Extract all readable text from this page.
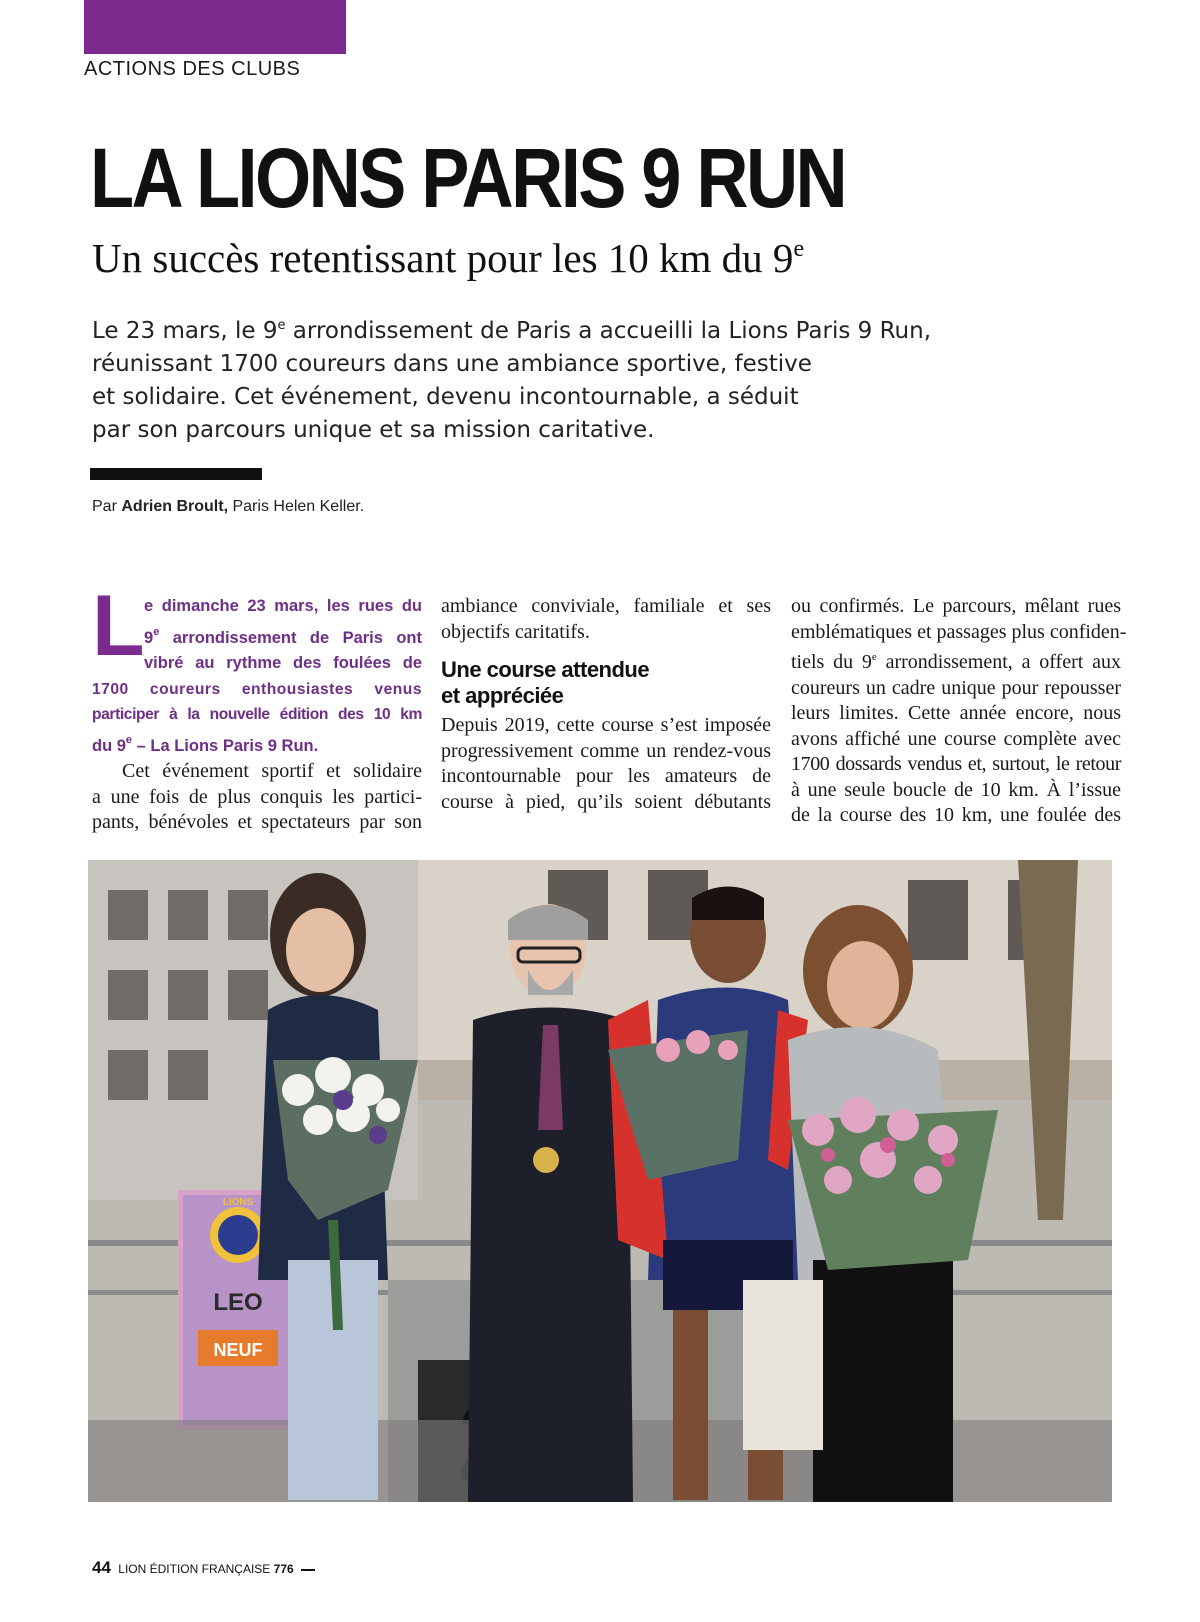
ACTIONS DES CLUBS
LA LIONS PARIS 9 RUN
Un succès retentissant pour les 10 km du 9e
Le 23 mars, le 9e arrondissement de Paris a accueilli la Lions Paris 9 Run,
réunissant 1700 coureurs dans une ambiance sportive, festive
et solidaire. Cet événement, devenu incontournable, a séduit
par son parcours unique et sa mission caritative.
Par Adrien Broult, Paris Helen Keller.
L e dimanche 23 mars, les rues du
9e arrondissement de Paris ont
vibré au rythme des foulées de
1700 coureurs enthousiastes venus
participer à la nouvelle édition des 10 km
du 9e – La Lions Paris 9 Run.
Cet événement sportif et solidaire
a une fois de plus conquis les partici-
pants, bénévoles et spectateurs par son
ambiance conviviale, familiale et ses
objectifs caritatifs.
Une course attendue
et appréciée
Depuis 2019, cette course s’est imposée
progressivement comme un rendez-vous
incontournable pour les amateurs de
course à pied, qu’ils soient débutants
ou confirmés. Le parcours, mêlant rues
emblématiques et passages plus confiden-
tiels du 9e arrondissement, a offert aux
coureurs un cadre unique pour repousser
leurs limites. Cette année encore, nous
avons affiché une course complète avec
1700 dossards vendus et, surtout, le retour
à une seule boucle de 10 km. À l’issue
de la course des 10 km, une foulée des
LIONS
LEO
NEUF
44 LION ÉDITION FRANÇAISE 776
